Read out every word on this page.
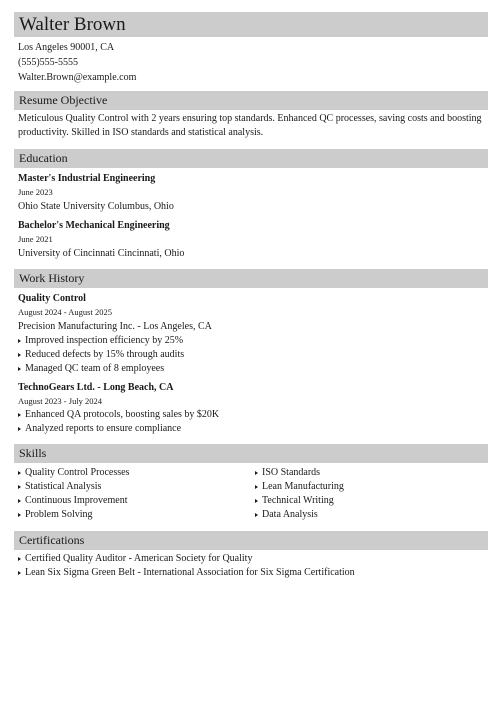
Walter Brown
Los Angeles 90001, CA
(555)555-5555
Walter.Brown@example.com
Resume Objective
Meticulous Quality Control with 2 years ensuring top standards. Enhanced QC processes, saving costs and boosting productivity. Skilled in ISO standards and statistical analysis.
Education
Master's Industrial Engineering
June 2023
Ohio State University Columbus, Ohio
Bachelor's Mechanical Engineering
June 2021
University of Cincinnati Cincinnati, Ohio
Work History
Quality Control
August 2024 - August 2025
Precision Manufacturing Inc. - Los Angeles, CA
Improved inspection efficiency by 25%
Reduced defects by 15% through audits
Managed QC team of 8 employees
TechnoGears Ltd. - Long Beach, CA
August 2023 - July 2024
Enhanced QA protocols, boosting sales by $20K
Analyzed reports to ensure compliance
Skills
Quality Control Processes
Statistical Analysis
Continuous Improvement
Problem Solving
ISO Standards
Lean Manufacturing
Technical Writing
Data Analysis
Certifications
Certified Quality Auditor - American Society for Quality
Lean Six Sigma Green Belt - International Association for Six Sigma Certification
